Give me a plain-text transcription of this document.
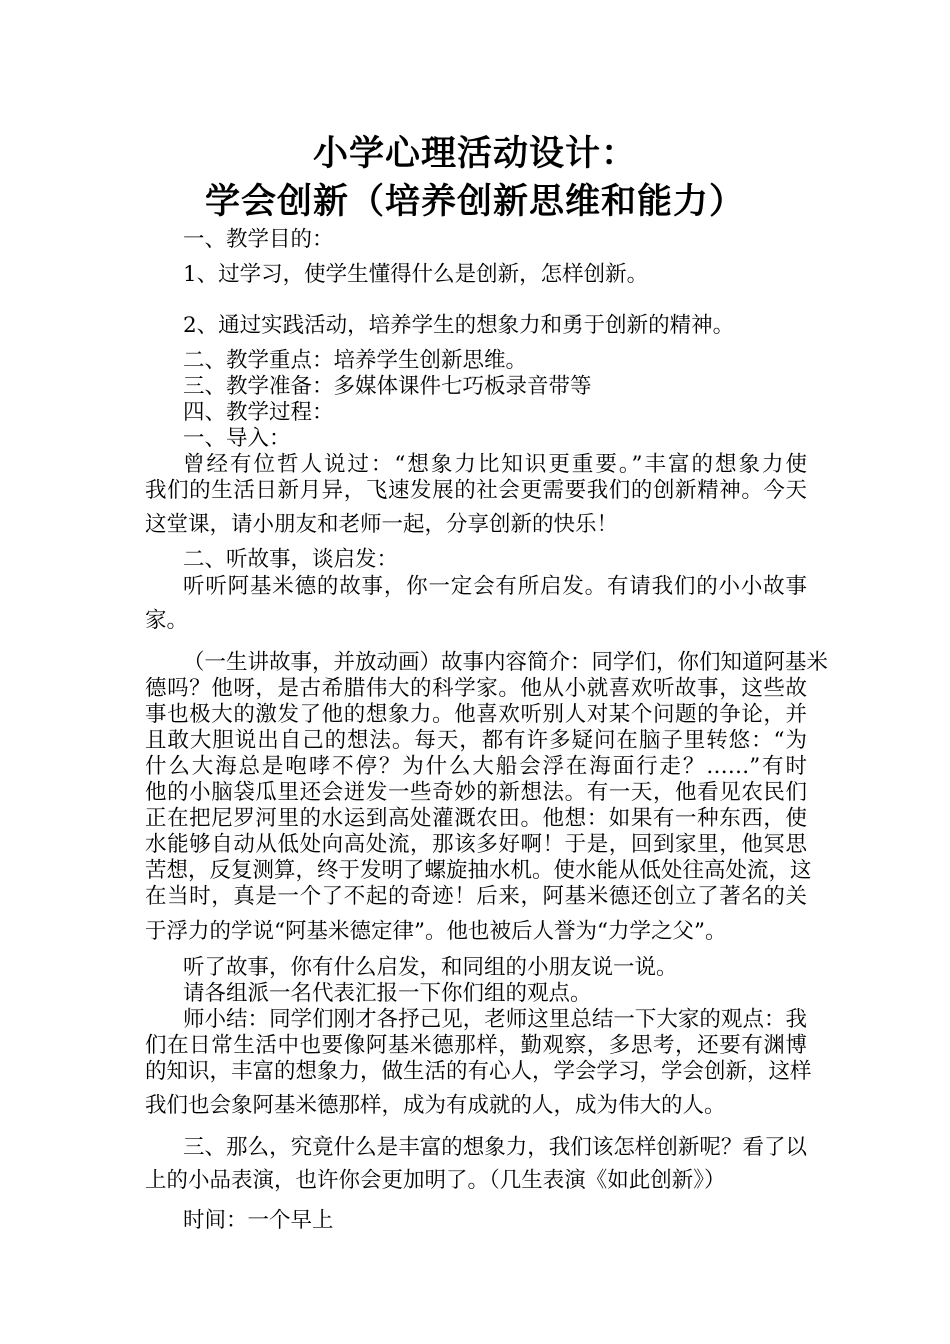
小学心理活动设计：
学会创新（培养创新思维和能力）
一、教学目的：
1、过学习，使学生懂得什么是创新，怎样创新。
2、通过实践活动，培养学生的想象力和勇于创新的精神。
二、教学重点：培养学生创新思维。
三、教学准备：多媒体课件七巧板录音带等
四、教学过程：
一、导入：
曾经有位哲人说过：“想象力比知识更重要。”丰富的想象力使
我们的生活日新月异，飞速发展的社会更需要我们的创新精神。今天
这堂课，请小朋友和老师一起，分享创新的快乐！
二、听故事，谈启发：
听听阿基米德的故事，你一定会有所启发。有请我们的小小故事
家。
（一生讲故事，并放动画）故事内容简介：同学们，你们知道阿基米
德吗？他呀，是古希腊伟大的科学家。他从小就喜欢听故事，这些故
事也极大的激发了他的想象力。他喜欢听别人对某个问题的争论，并
且敢大胆说出自己的想法。每天，都有许多疑问在脑子里转悠：“为
什么大海总是咆哮不停？为什么大船会浮在海面行走？……”有时
他的小脑袋瓜里还会迸发一些奇妙的新想法。有一天，他看见农民们
正在把尼罗河里的水运到高处灌溉农田。他想：如果有一种东西，使
水能够自动从低处向高处流，那该多好啊！于是，回到家里，他冥思
苦想，反复测算，终于发明了螺旋抽水机。使水能从低处往高处流，这
在当时，真是一个了不起的奇迹！后来，阿基米德还创立了著名的关
于浮力的学说“阿基米德定律”。他也被后人誉为“力学之父”。
听了故事，你有什么启发，和同组的小朋友说一说。
请各组派一名代表汇报一下你们组的观点。
师小结：同学们刚才各抒己见，老师这里总结一下大家的观点：我
们在日常生活中也要像阿基米德那样，勤观察，多思考，还要有渊博
的知识，丰富的想象力，做生活的有心人，学会学习，学会创新，这样
我们也会象阿基米德那样，成为有成就的人，成为伟大的人。
三、那么，究竟什么是丰富的想象力，我们该怎样创新呢？看了以
上的小品表演，也许你会更加明了。（几生表演《如此创新》）
时间：一个早上
